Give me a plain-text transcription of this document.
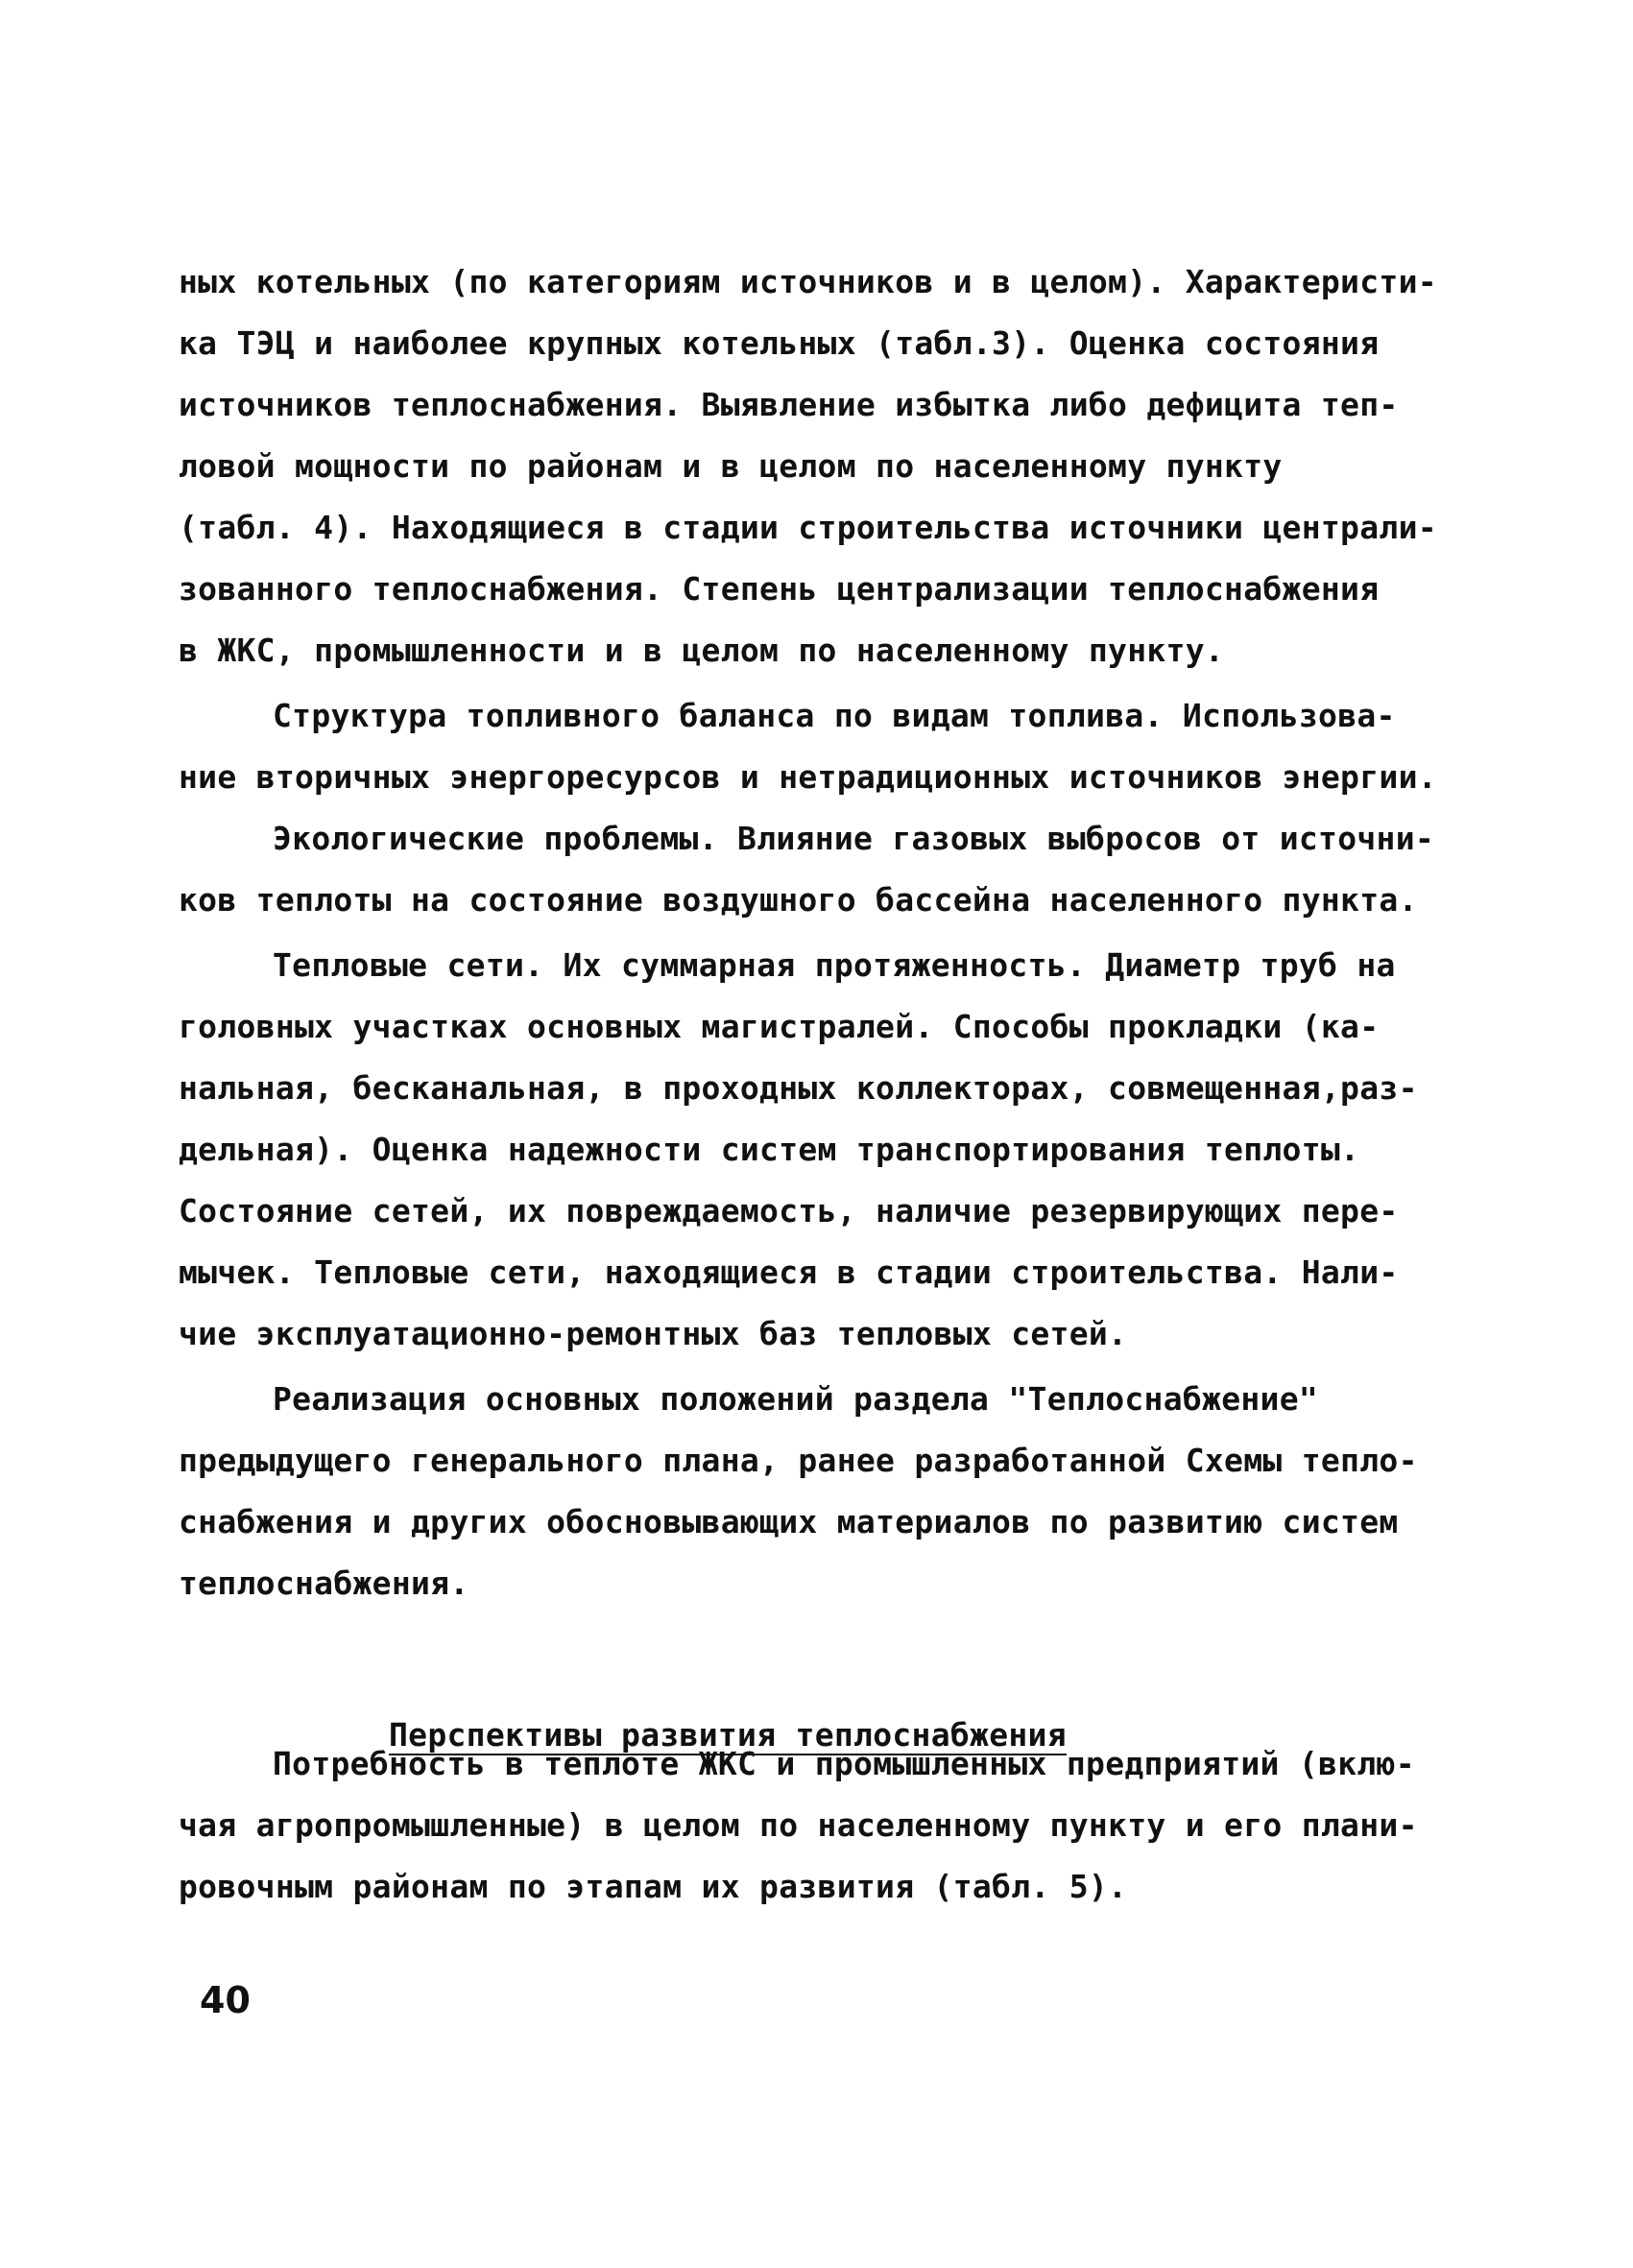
ных котельных (по категориям источников и в целом). Характеристи-
ка ТЭЦ и наиболее крупных котельных (табл.3). Оценка состояния
источников теплоснабжения. Выявление избытка либо дефицита теп-
ловой мощности по районам и в целом по населенному пункту
(табл. 4). Находящиеся в стадии строительства источники централи-
зованного теплоснабжения. Степень централизации теплоснабжения
в ЖКС, промышленности и в целом по населенному пункту.
Структура топливного баланса по видам топлива. Использова-
ние вторичных энергоресурсов и нетрадиционных источников энергии.
Экологические проблемы. Влияние газовых выбросов от источни-
ков теплоты на состояние воздушного бассейна населенного пункта.
Тепловые сети. Их суммарная протяженность. Диаметр труб на
головных участках основных магистралей. Способы прокладки (ка-
нальная, бесканальная, в проходных коллекторах, совмещенная,раз-
дельная). Оценка надежности систем транспортирования теплоты.
Состояние сетей, их повреждаемость, наличие резервирующих пере-
мычек. Тепловые сети, находящиеся в стадии строительства. Нали-
чие эксплуатационно-ремонтных баз тепловых сетей.
Реализация основных положений раздела "Теплоснабжение"
предыдущего генерального плана, ранее разработанной Схемы тепло-
снабжения и других обосновывающих материалов по развитию систем
теплоснабжения.

Перспективы развития теплоснабжения

Потребность в теплоте ЖКС и промышленных предприятий (вклю-
чая агропромышленные) в целом по населенному пункту и его плани-
ровочным районам по этапам их развития (табл. 5).
40
